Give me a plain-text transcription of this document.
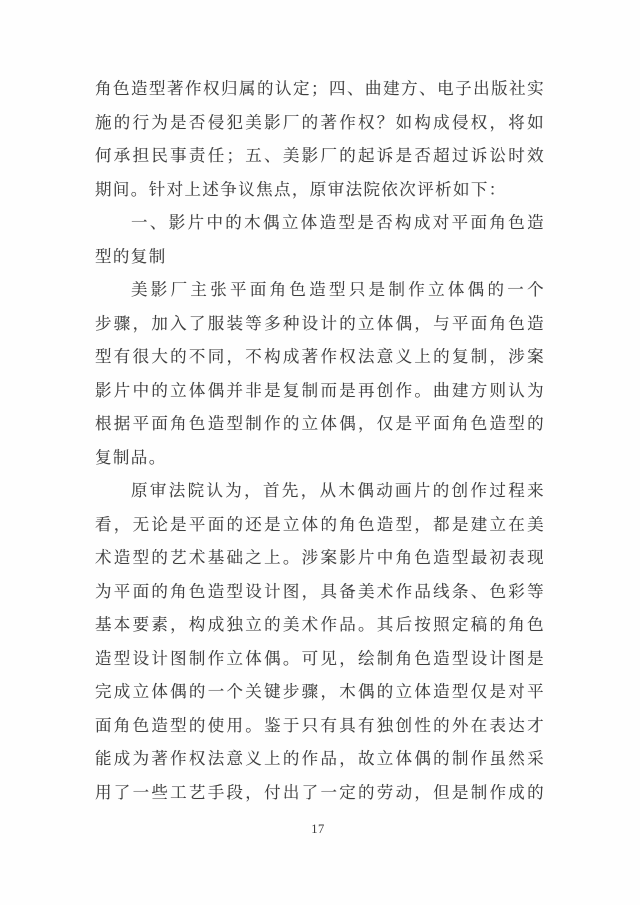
角色造型著作权归属的认定；四、曲建方、电子出版社实
施的行为是否侵犯美影厂的著作权？如构成侵权，将如
何承担民事责任；五、美影厂的起诉是否超过诉讼时效
期间。针对上述争议焦点，原审法院依次评析如下：
一、影片中的木偶立体造型是否构成对平面角色造
型的复制
美影厂主张平面角色造型只是制作立体偶的一个
步骤，加入了服装等多种设计的立体偶，与平面角色造
型有很大的不同，不构成著作权法意义上的复制，涉案
影片中的立体偶并非是复制而是再创作。曲建方则认为
根据平面角色造型制作的立体偶，仅是平面角色造型的
复制品。
原审法院认为，首先，从木偶动画片的创作过程来
看，无论是平面的还是立体的角色造型，都是建立在美
术造型的艺术基础之上。涉案影片中角色造型最初表现
为平面的角色造型设计图，具备美术作品线条、色彩等
基本要素，构成独立的美术作品。其后按照定稿的角色
造型设计图制作立体偶。可见，绘制角色造型设计图是
完成立体偶的一个关键步骤，木偶的立体造型仅是对平
面角色造型的使用。鉴于只有具有独创性的外在表达才
能成为著作权法意义上的作品，故立体偶的制作虽然采
用了一些工艺手段，付出了一定的劳动，但是制作成的
17
